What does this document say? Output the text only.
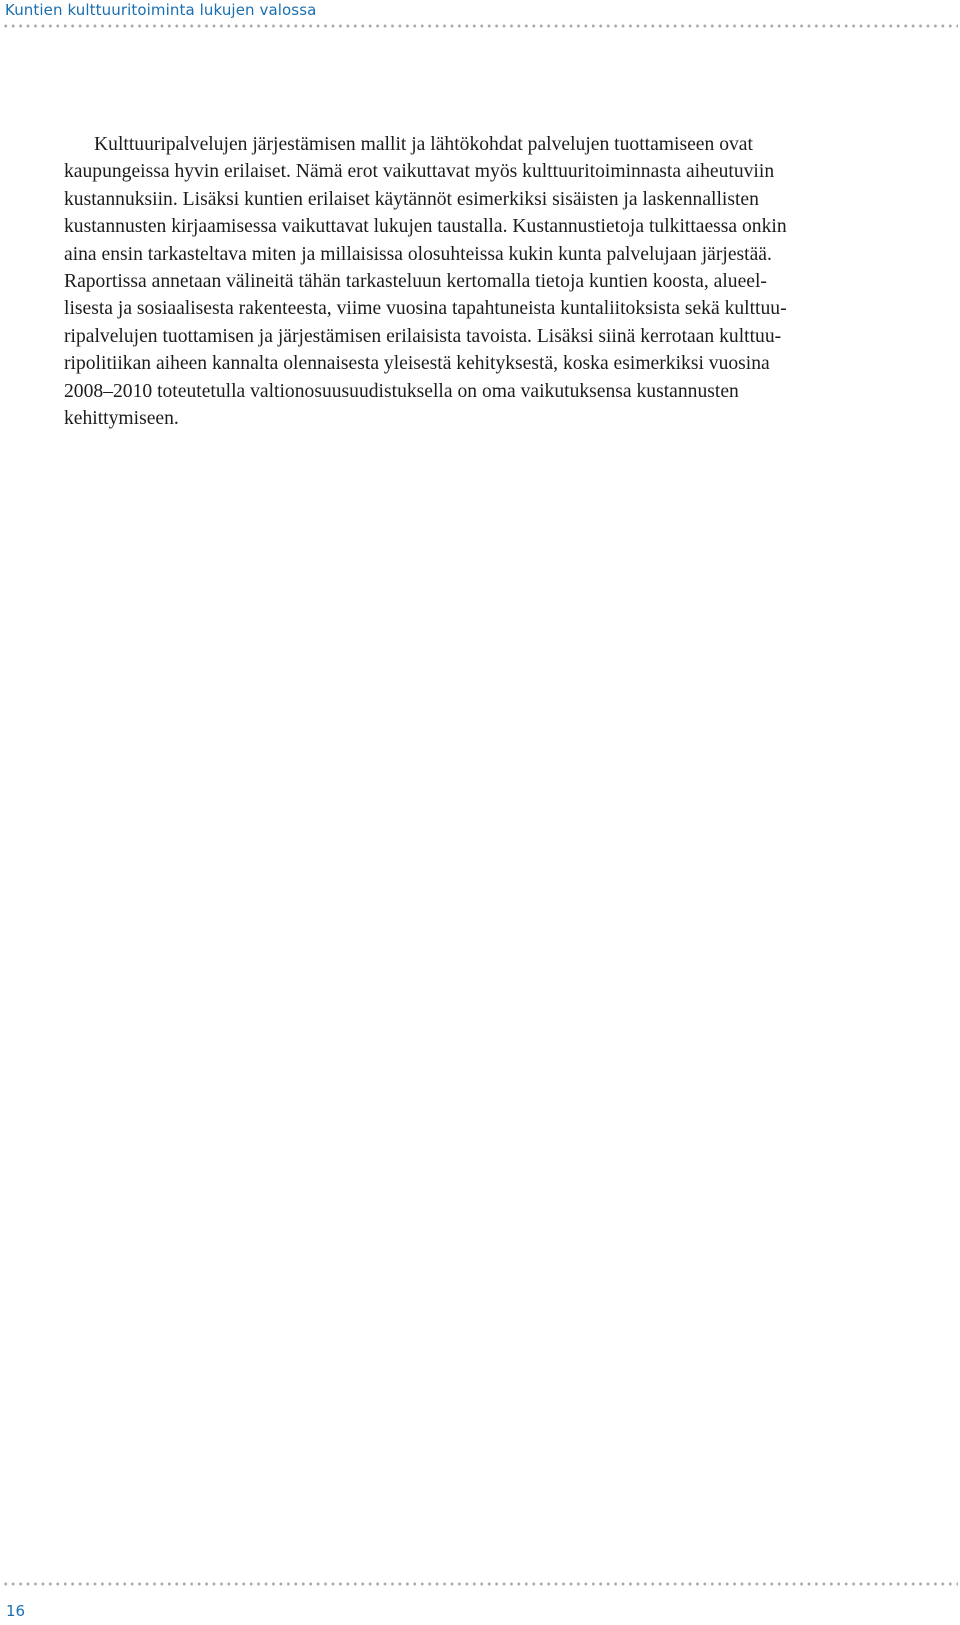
Kuntien kulttuuritoiminta lukujen valossa

Kulttuuripalvelujen järjestämisen mallit ja lähtökohdat palvelujen tuottamiseen ovat
kaupungeissa hyvin erilaiset. Nämä erot vaikuttavat myös kulttuuritoiminnasta aiheutuviin
kustannuksiin. Lisäksi kuntien erilaiset käytännöt esimerkiksi sisäisten ja laskennallisten
kustannusten kirjaamisessa vaikuttavat lukujen taustalla. Kustannustietoja tulkittaessa onkin
aina ensin tarkasteltava miten ja millaisissa olosuhteissa kukin kunta palvelujaan järjestää.
Raportissa annetaan välineitä tähän tarkasteluun kertomalla tietoja kuntien koosta, alueel-
lisesta ja sosiaalisesta rakenteesta, viime vuosina tapahtuneista kuntaliitoksista sekä kulttuu-
ripalvelujen tuottamisen ja järjestämisen erilaisista tavoista. Lisäksi siinä kerrotaan kulttuu-
ripolitiikan aiheen kannalta olennaisesta yleisestä kehityksestä, koska esimerkiksi vuosina
2008–2010 toteutetulla valtionosuusuudistuksella on oma vaikutuksensa kustannusten
kehittymiseen.

16
